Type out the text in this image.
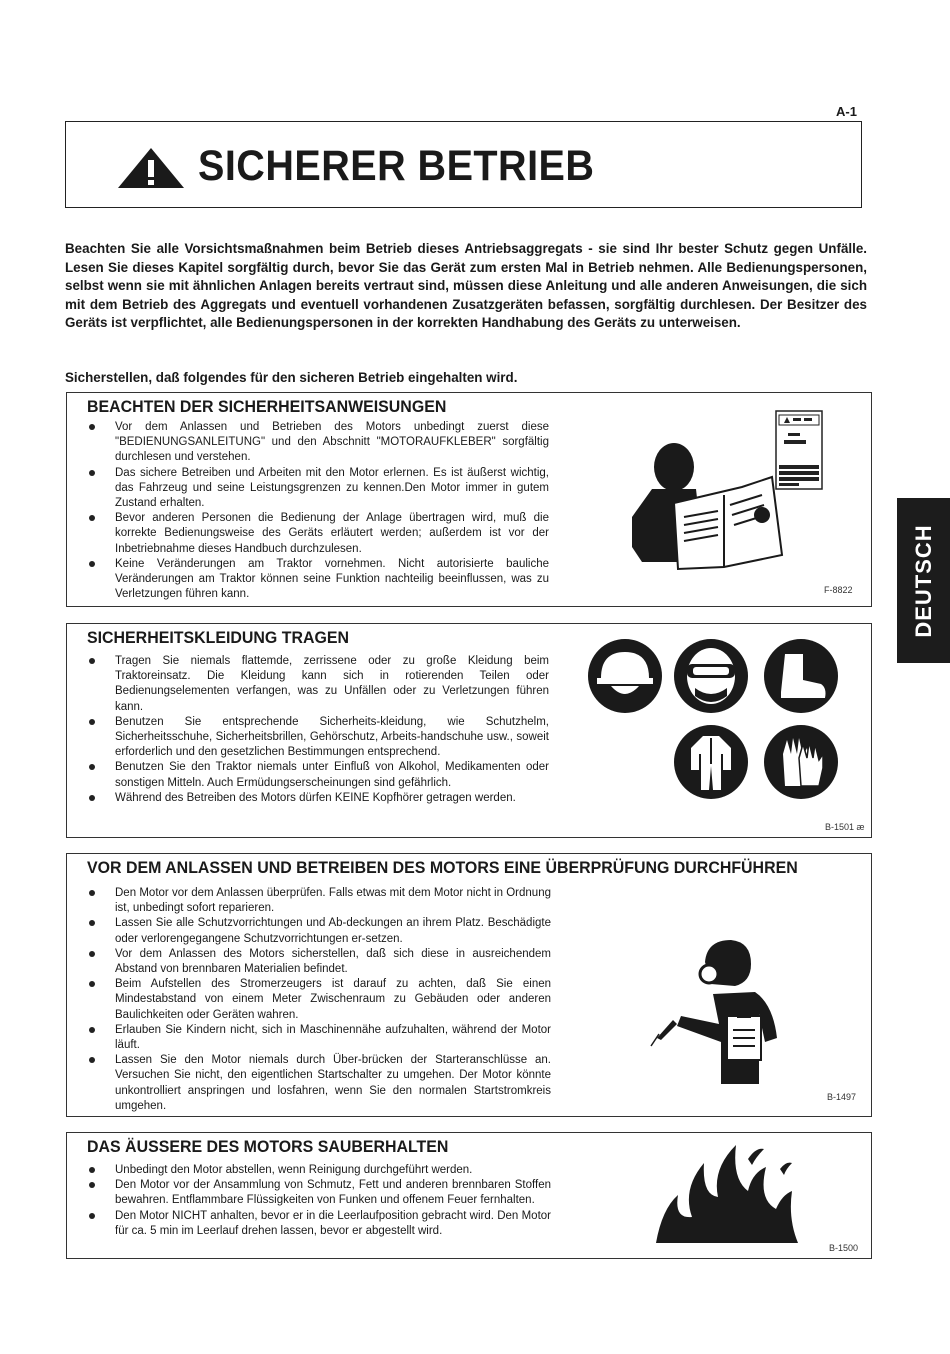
A-1
SICHERER BETRIEB
Beachten Sie alle Vorsichtsmaßnahmen beim Betrieb dieses Antriebsaggregats - sie sind Ihr bester Schutz gegen Unfälle. Lesen Sie dieses Kapitel sorgfältig durch, bevor Sie das Gerät zum ersten Mal in Betrieb nehmen. Alle Bedienungspersonen, selbst wenn sie mit ähnlichen Anlagen bereits vertraut sind, müssen diese Anleitung und alle anderen Anweisungen, die sich mit dem Betrieb des Aggregats und eventuell vorhandenen Zusatzgeräten befassen, sorgfältig durchlesen. Der Besitzer des Geräts ist verpflichtet, alle Bedienungspersonen in der korrekten Handhabung des Geräts zu unterweisen.
Sicherstellen, daß folgendes für den sicheren Betrieb eingehalten wird.
DEUTSCH
BEACHTEN DER SICHERHEITSANWEISUNGEN
Vor dem Anlassen und Betrieben des Motors unbedingt zuerst diese "BEDIENUNGSANLEITUNG" und den Abschnitt "MOTORAUFKLEBER" sorgfältig durchlesen und verstehen.
Das sichere Betreiben und Arbeiten mit den Motor erlernen. Es ist äußerst wichtig, das Fahrzeug und seine Leistungsgrenzen zu kennen.Den Motor immer in gutem Zustand erhalten.
Bevor anderen Personen die Bedienung der Anlage übertragen wird, muß die korrekte Bedienungsweise des Geräts erläutert werden; außerdem ist vor der Inbetriebnahme dieses Handbuch durchzulesen.
Keine Veränderungen am Traktor vornehmen. Nicht autorisierte bauliche Veränderungen am Traktor können seine Funktion nachteilig beeinflussen, was zu Verletzungen führen kann.	F-8822
SICHERHEITSKLEIDUNG TRAGEN
Tragen Sie niemals flattemde, zerrissene oder zu große Kleidung beim Traktoreinsatz. Die Kleidung kann sich in rotierenden Teilen oder Bedienungselementen verfangen, was zu Unfällen oder zu Verletzungen führen kann.
Benutzen Sie entsprechende Sicherheits-kleidung, wie Schutzhelm, Sicherheitsschuhe, Sicherheitsbrillen, Gehörschutz, Arbeits-handschuhe usw., soweit erforderlich und den gesetzlichen Bestimmungen entsprechend.
Benutzen Sie den Traktor niemals unter Einfluß von Alkohol, Medikamenten oder sonstigen Mitteln. Auch Ermüdungserscheinungen sind gefährlich.
Während des Betreiben des Motors dürfen KEINE Kopfhörer getragen werden.
B-1501 æ
VOR DEM ANLASSEN UND BETREIBEN DES MOTORS EINE ÜBERPRÜFUNG DURCHFÜHREN
Den Motor vor dem Anlassen überprüfen. Falls etwas mit dem Motor nicht in Ordnung ist, unbedingt sofort reparieren.
Lassen Sie alle Schutzvorrichtungen und Ab-deckungen an ihrem Platz. Beschädigte oder verlorengegangene Schutzvorrichtungen er-setzen.
Vor dem Anlassen des Motors sicherstellen, daß sich diese in ausreichendem Abstand von brennbaren Materialien befindet.
Beim Aufstellen des Stromerzeugers ist darauf zu achten, daß Sie einen Mindestabstand von einem Meter Zwischenraum zu Gebäuden oder anderen Baulichkeiten oder Geräten wahren.
Erlauben Sie Kindern nicht, sich in Maschinennähe aufzuhalten, während der Motor läuft.
Lassen Sie den Motor niemals durch Über-brücken der Starteranschlüsse an. Versuchen Sie nicht, den eigentlichen Startschalter zu umgehen. Der Motor könnte unkontrolliert anspringen und losfahren, wenn Sie den normalen Startstromkreis umgehen.
B-1497
DAS ÄUSSERE DES MOTORS SAUBERHALTEN
Unbedingt den Motor abstellen, wenn Reinigung durchgeführt werden.
Den Motor vor der Ansammlung von Schmutz, Fett und anderen brennbaren Stoffen bewahren. Entflammbare Flüssigkeiten von Funken und offenem Feuer fernhalten.
Den Motor NICHT anhalten, bevor er in die Leerlaufposition gebracht wird. Den Motor für ca. 5 min im Leerlauf drehen lassen, bevor er abgestellt wird.
B-1500
